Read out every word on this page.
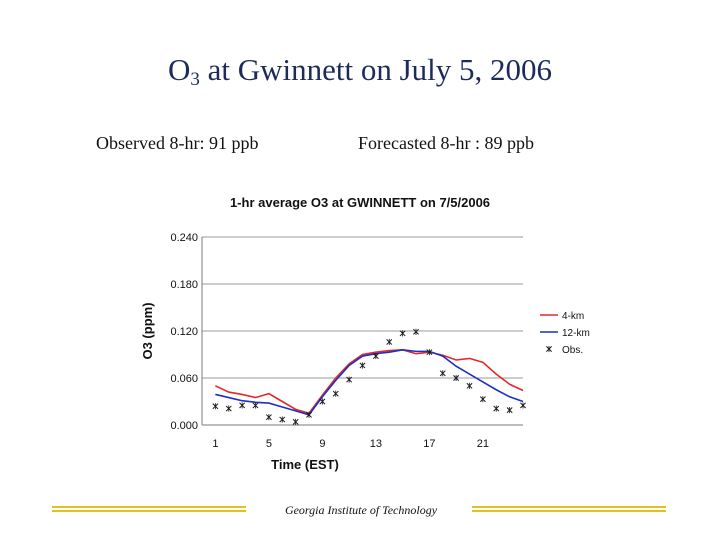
$O_3$ at Gwinnett on July 5, 2006
Observed 8-hr: 91 ppb	Forecasted 8-hr : 89 ppb
1-hr average O3 at GWINNETT on 7/5/2006
0.000
0.060
0.120
0.180
0.240
1	5	9	13	17	21
4-km
12-km
Obs.
Time (EST)
O3 (ppm)
Georgia Institute of Technology
